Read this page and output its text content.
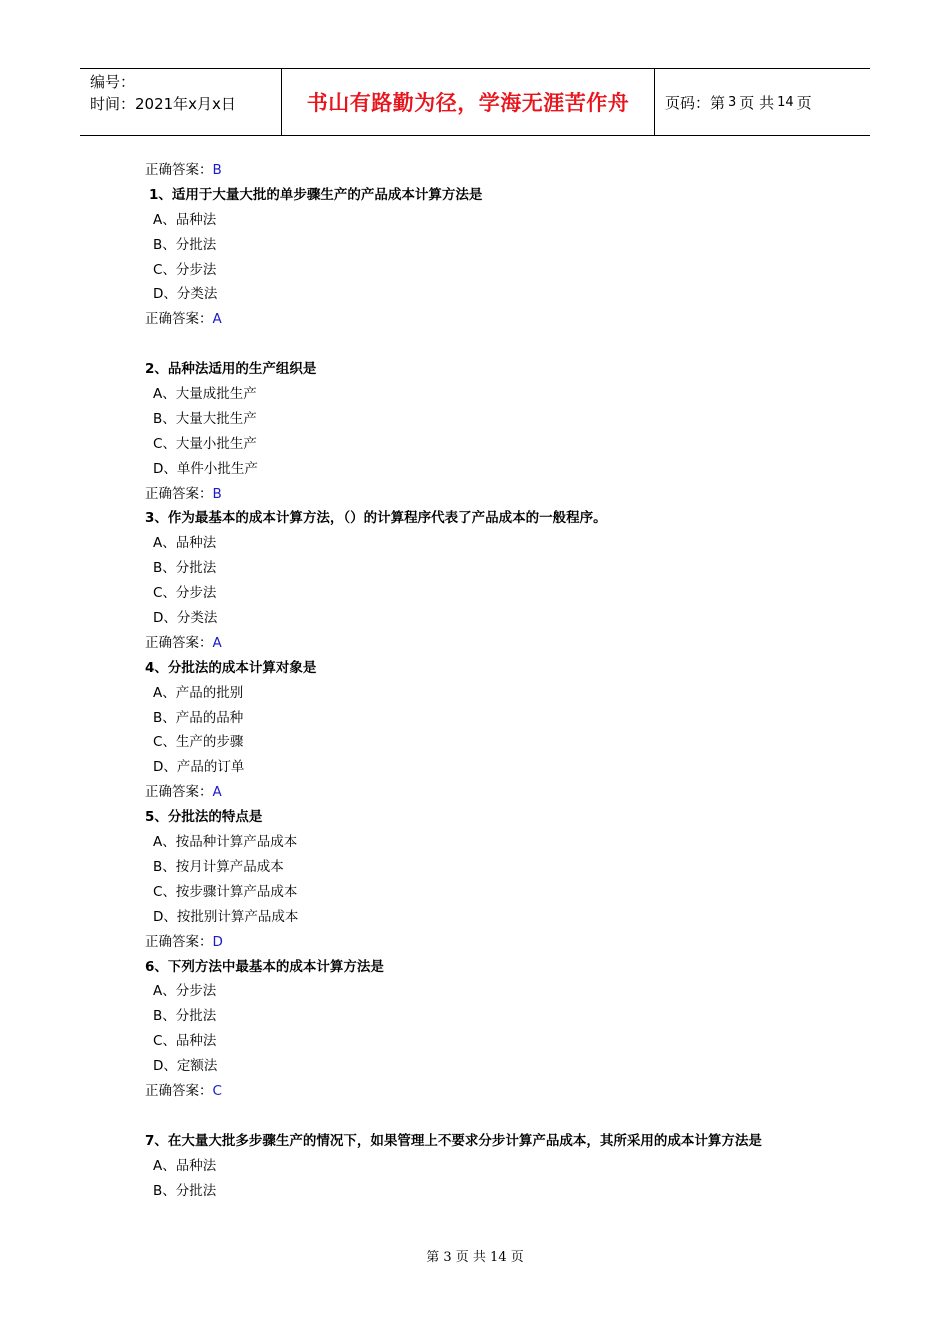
编号：
时间：2021年x月x日	书山有路勤为径，学海无涯苦作舟 页码：第 3 页 共 14 页
正确答案：B
1、适用于大量大批的单步骤生产的产品成本计算方法是
A、品种法
B、分批法
C、分步法
D、分类法
正确答案：A
2、品种法适用的生产组织是
A、大量成批生产
B、大量大批生产
C、大量小批生产
D、单件小批生产
正确答案：B
3、作为最基本的成本计算方法，（）的计算程序代表了产品成本的一般程序。
A、品种法
B、分批法
C、分步法
D、分类法
正确答案：A
4、分批法的成本计算对象是
A、产品的批别
B、产品的品种
C、生产的步骤
D、产品的订单
正确答案：A
5、分批法的特点是
A、按品种计算产品成本
B、按月计算产品成本
C、按步骤计算产品成本
D、按批别计算产品成本
正确答案：D
6、下列方法中最基本的成本计算方法是
A、分步法
B、分批法
C、品种法
D、定额法
正确答案：C
7、在大量大批多步骤生产的情况下，如果管理上不要求分步计算产品成本，其所采用的成本计算方法是
A、品种法
B、分批法
第 3 页 共 14 页
